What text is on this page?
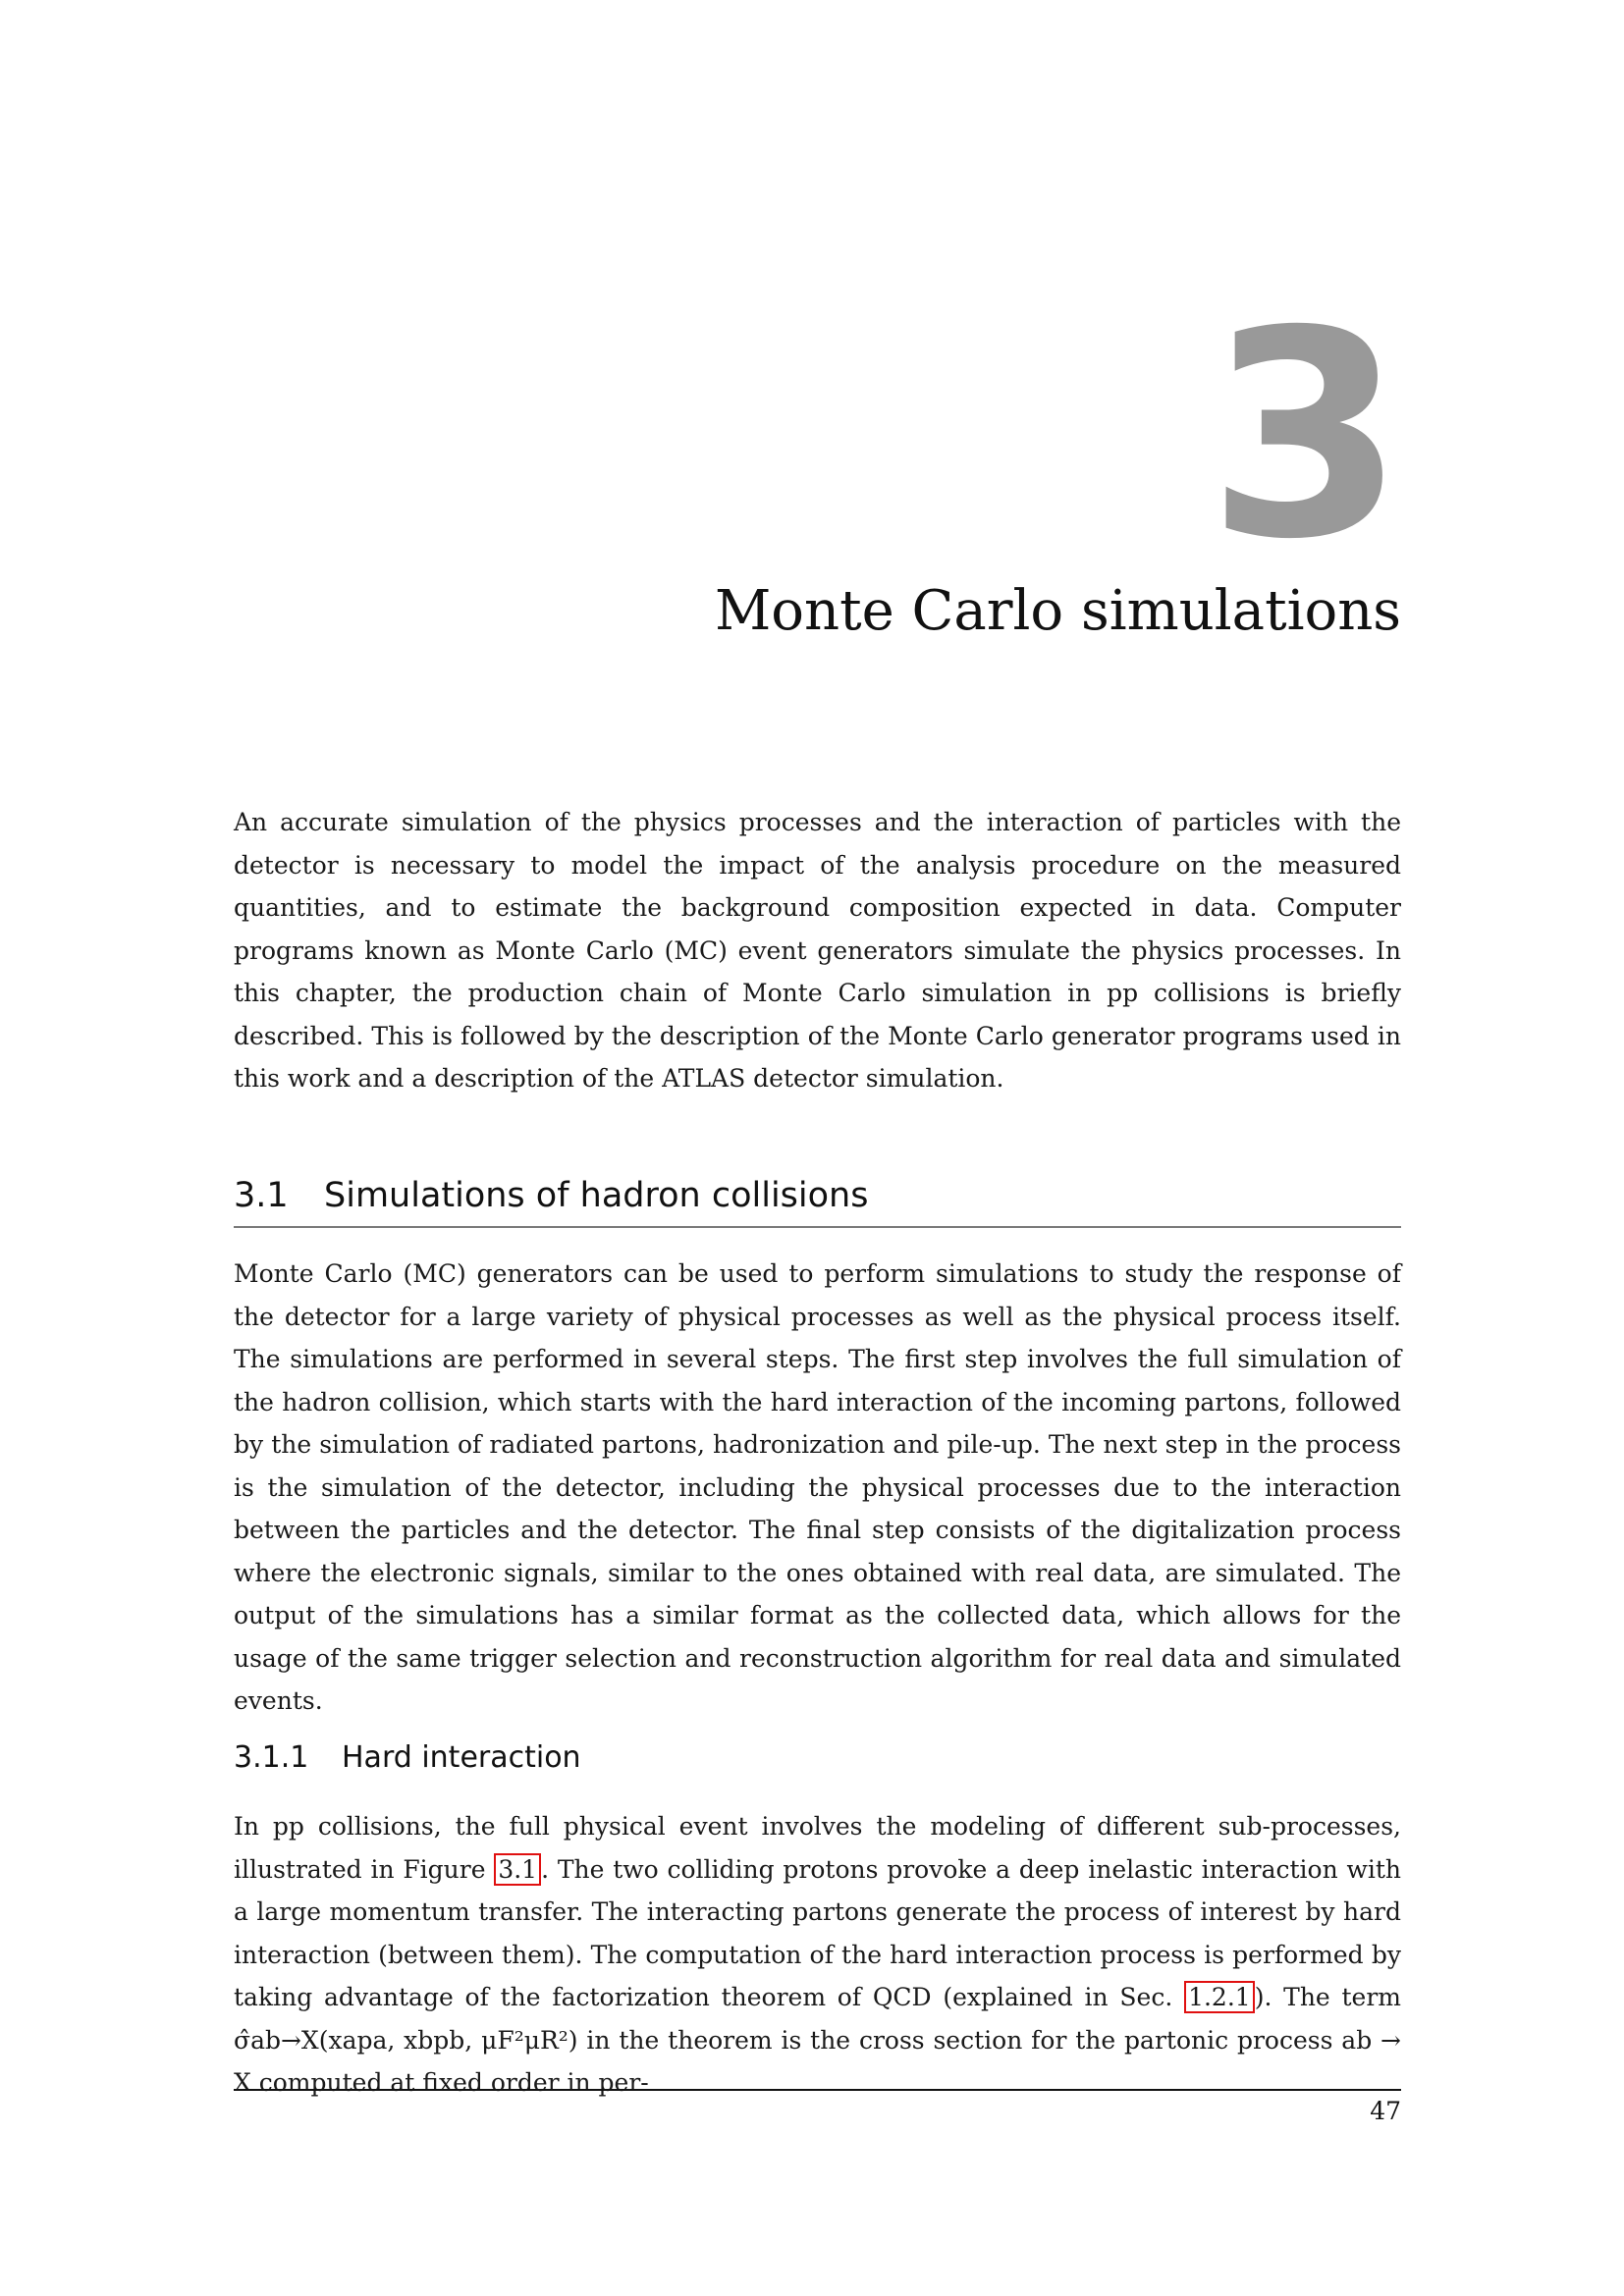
3
Monte Carlo simulations

An accurate simulation of the physics processes and the interaction of particles with the detector is necessary to model the impact of the analysis procedure on the measured quantities, and to estimate the background composition expected in data. Computer programs known as Monte Carlo (MC) event generators simulate the physics processes. In this chapter, the production chain of Monte Carlo simulation in pp collisions is briefly described. This is followed by the description of the Monte Carlo generator programs used in this work and a description of the ATLAS detector simulation.

3.1 Simulations of hadron collisions

Monte Carlo (MC) generators can be used to perform simulations to study the response of the detector for a large variety of physical processes as well as the physical process itself. The simulations are performed in several steps. The first step involves the full simulation of the hadron collision, which starts with the hard interaction of the incoming partons, followed by the simulation of radiated partons, hadronization and pile-up. The next step in the process is the simulation of the detector, including the physical processes due to the interaction between the particles and the detector. The final step consists of the digitalization process where the electronic signals, similar to the ones obtained with real data, are simulated. The output of the simulations has a similar format as the collected data, which allows for the usage of the same trigger selection and reconstruction algorithm for real data and simulated events.

3.1.1 Hard interaction

In pp collisions, the full physical event involves the modeling of different sub-processes, illustrated in Figure 3.1 . The two colliding protons provoke a deep inelastic interaction with a large momentum transfer. The interacting partons generate the process of interest by hard interaction (between them). The computation of the hard interaction process is performed by taking advantage of the factorization theorem of QCD (explained in Sec. 1.2.1 ). The term σ̂ab→X(xapa, xbpb, μF²μR²) in the theorem is the cross section for the partonic process ab → X computed at fixed order in per-

47
